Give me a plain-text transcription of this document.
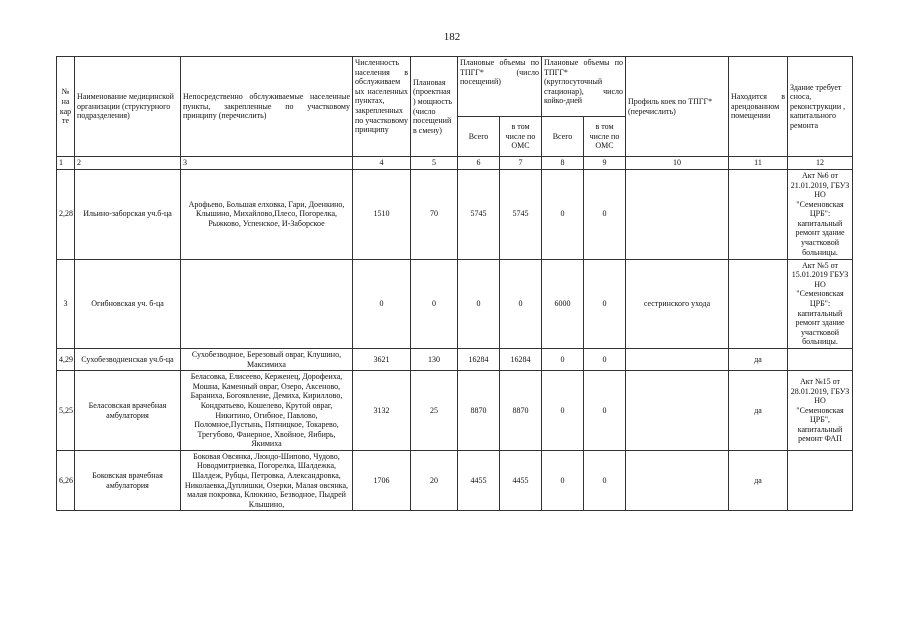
182
№ на кар те	Наименование медицинской организации (структурного подразделения)	Непосредственно обслуживаемые населенные пункты, закрепленные по участковому принципу (перечислить)	Численность населения в обслуживаем ых населенных пунктах, закрепленных по участковому принципу	Плановая (проектная ) мощность (число посещений в смену)	Плановые объемы по ТПГГ* (число посещений)		Плановые объемы по ТПГГ* (круглосуточный стационар), число койко-дней		Профиль коек по ТПГГ* (перечислить)	Находится в арендованном помещении	Здание требует сноса, реконструкции , капитального ремонта
					Всего	в том числе по ОМС	Всего	в том числе по ОМС			
1	2	3	4	5	6	7	8	9	10	11	12
2,28	Ильино-заборская уч.б-ца	Арофьево, Большая елховка, Гари, Доенкино, Клышино, Михайлово,Плесо, Погорелка, Рыжково, Успенское, И-Заборское	1510	70	5745	5745	0	0			Акт №6 от 21.01.2019, ГБУЗ НО "Семеновская ЦРБ": капитальный ремонт здание участковой больницы.
3	Огибновская уч. б-ца		0	0	0	0	6000	0	сестринского ухода		Акт №5 от 15.01.2019 ГБУЗ НО "Семеновская ЦРБ": капитальный ремонт здание участковой больницы.
4,29	Сухобезводненская уч.б-ца	Сухобезводное, Березовый овраг, Клушино, Максимиха	3621	130	16284	16284	0	0		да	
5,25	Беласовская врачебная амбулатория	Беласовка, Елисеево, Керженец, Дорофеиха, Мошна, Каменный овраг, Озеро, Аксеново, Бараниха, Богоявление, Демиха, Кириллово, Кондратьево, Кошелево, Крутой овраг, Никитино, Огибное, Павлово, Поломное,Пустынь, Пятницкое, Токарево, Трегубово, Фанерное, Хвойное, Яибирь, Якимиха	3132	25	8870	8870	0	0		да	Акт №15 от 28.01.2019, ГБУЗ НО "Семеновская ЦРБ", капитальный ремонт ФАП
6,26	Боковская врачебная амбулатория	Боковая Овсянка, Люндо-Шипово, Чудово, Новодмитриевка, Погорелка, Шалдежка, Шалдеж, Рубцы, Петровка, Александровка, Николаевка,Дуплишки, Озерки, Малая овсянка, малая покровка, Клюкино, Безводное, Пыдрей Клышино,	1706	20	4455	4455	0	0		да	
